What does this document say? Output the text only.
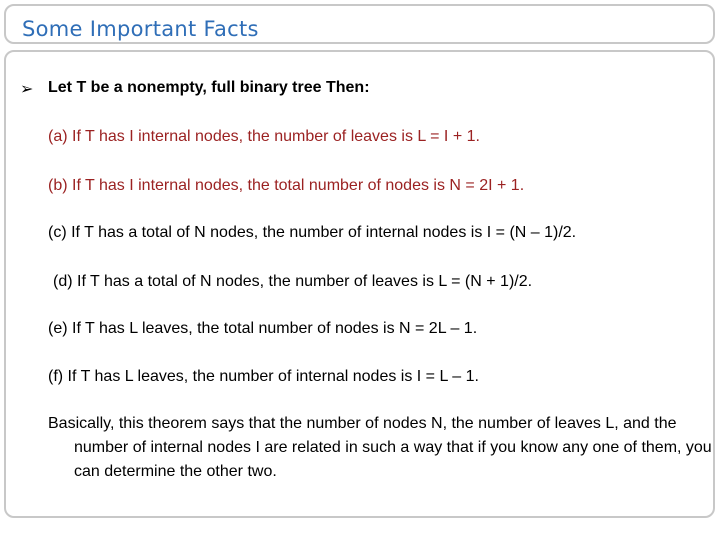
Some Important Facts
➢ Let T be a nonempty, full binary tree Then:
(a) If T has I internal nodes, the number of leaves is L = I + 1.
(b) If T has I internal nodes, the total number of nodes is N = 2I + 1.
(c) If T has a total of N nodes, the number of internal nodes is I = (N – 1)/2.
(d) If T has a total of N nodes, the number of leaves is L = (N + 1)/2.
(e) If T has L leaves, the total number of nodes is N = 2L – 1.
(f) If T has L leaves, the number of internal nodes is I = L – 1.
Basically, this theorem says that the number of nodes N, the number of leaves L, and the number of internal nodes I are related in such a way that if you know any one of them, you can determine the other two.
